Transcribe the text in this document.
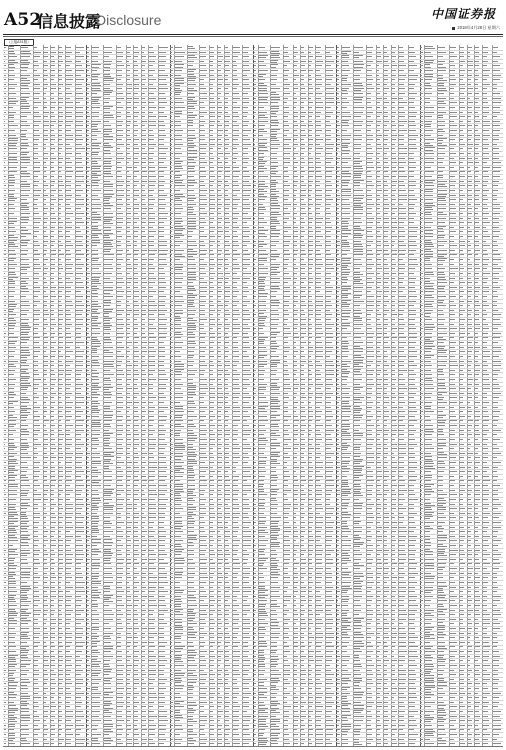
A52
信息披露
Disclosure	中国证券报
2018年4月28日 星期六
（上接A51版）
